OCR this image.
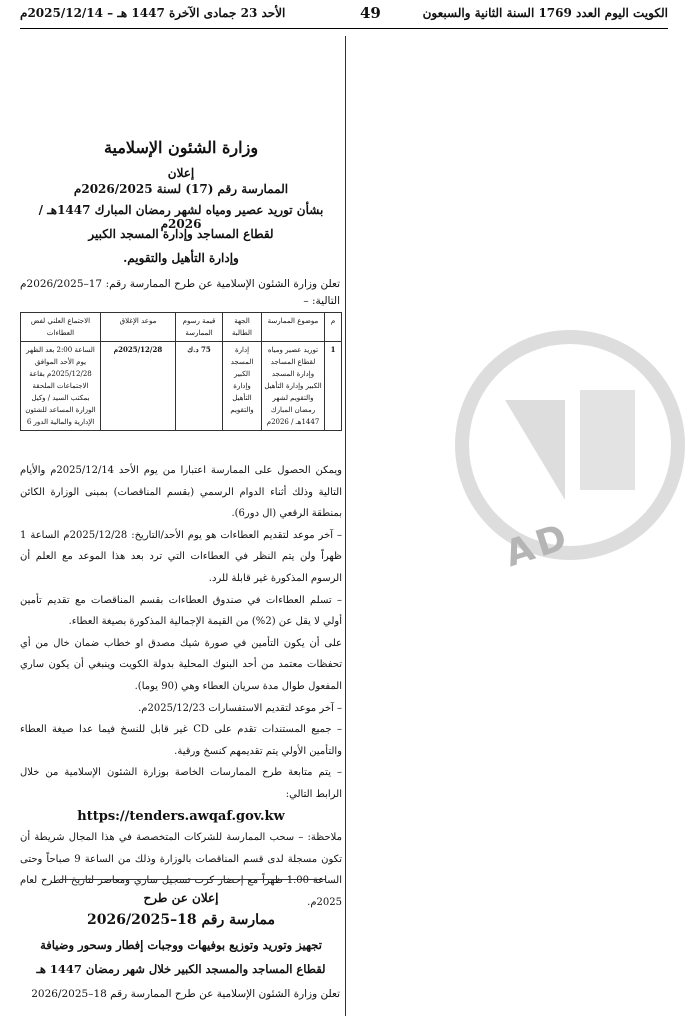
الكويت اليوم العدد 1769 السنة الثانية والسبعون
49
الأحد 23 جمادى الآخرة 1447 هـ – 2025/12/14م
AD
وزارة الشئون الإسلامية
إعلان
الممارسة رقم (17) لسنة 2026/2025م
بشأن توريد عصير ومياه لشهر رمضان المبارك 1447هـ / 2026م
لقطاع المساجد وإدارة المسجد الكبير
وإدارة التأهيل والتقويم.
تعلن وزارة الشئون الإسلامية عن طرح الممارسة رقم: 17–2026/2025م التالية: –
م	موضوع الممارسة	الجهة الطالبة	قيمة رسوم الممارسة	موعد الإغلاق	الاجتماع العلني لفض العطاءات
1	توريد عصير ومياه لقطاع المساجد وإدارة المسجد الكبير وإدارة التأهيل والتقويم لشهر رمضان المبارك 1447هـ / 2026م	إدارة المسجد الكبير وإدارة التأهيل والتقويم	75 د.ك	2025/12/28م	الساعة 2:00 بعد الظهر يوم الأحد الموافق 2025/12/28م بقاعة الاجتماعات الملحقة بمكتب السيد / وكيل الوزارة المساعد للشئون الإدارية والمالية الدور 6

ويمكن الحصول على الممارسة اعتبارا من يوم الأحد 2025/12/14م والأيام التالية وذلك أثناء الدوام الرسمي (بقسم المناقصات) بمبنى الوزارة الكائن بمنطقة الرقعي (ال دور6).

– آخر موعد لتقديم العطاءات هو يوم الأحد/التاريخ: 2025/12/28م الساعة 1 ظهراً ولن يتم النظر في العطاءات التي ترد بعد هذا الموعد مع العلم أن الرسوم المذكورة غير قابلة للرد.

– تسلم العطاءات في صندوق العطاءات بقسم المناقصات مع تقديم تأمين أولي لا يقل عن (2%) من القيمة الإجمالية المذكورة بصيغة العطاء.

على أن يكون التأمين في صورة شيك مصدق او خطاب ضمان خال من أي تحفظات معتمد من أحد البنوك المحلية بدولة الكويت وينبغي أن يكون ساري المفعول طوال مدة سريان العطاء وهي (90 يوما).

– آخر موعد لتقديم الاستفسارات 2025/12/23م.

– جميع المستندات تقدم على CD غير قابل للنسخ فيما عدا صيغة العطاء والتأمين الأولي يتم تقديمهم كنسخ ورقية.

– يتم متابعة طرح الممارسات الخاصة بوزارة الشئون الإسلامية من خلال الرابط التالي:

https://tenders.awqaf.gov.kw

ملاحظة: – سحب الممارسة للشركات المتخصصة في هذا المجال شريطة أن تكون مسجلة لدى قسم المناقصات بالوزارة وذلك من الساعة 9 صباحاً وحتى الساعة 1.00 ظهراً مع إحضار كرت تسجيل ساري ومعاصر لتاريخ الطرح لعام 2025م.

إعلان عن طرح
ممارسة رقم 18–2026/2025
تجهيز وتوريد وتوزيع بوفيهات ووجبات إفطار وسحور وضيافة
لقطاع المساجد والمسجد الكبير خلال شهر رمضان 1447 هـ
تعلن وزارة الشئون الإسلامية عن طرح الممارسة رقم 18–2026/2025
